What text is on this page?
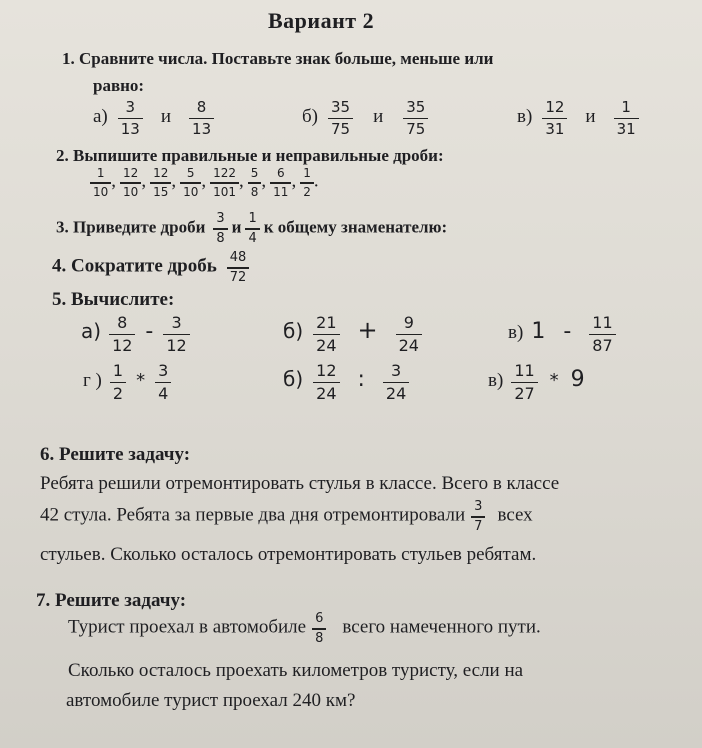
Вариант 2
1. Сравните числа. Поставьте знак больше, меньше или
равно:
$а) \frac{3}{13}$ и $\frac{8}{13}$	$б) \frac{35}{75}$ и $\frac{35}{75}$	$в) \frac{12}{31}$ и $\frac{1}{31}$
2. Выпишите правильные и неправильные дроби:
$\frac{1}{10}$ , $\frac{12}{10}$ , $\frac{12}{15}$ , $\frac{5}{10}$ , $\frac{122}{101}$ , $\frac{5}{8}$ , $\frac{6}{11}$ , $\frac{1}{2}$ .
3. Приведите дроби $\frac{3}{8}$ и $\frac{1}{4}$ к общему знаменателю:
4. Сократите дробь $\frac{48}{72}$
5. Вычислите:
$а) \frac{8}{12} - \frac{3}{12}$	$б) \frac{21}{24} + \frac{9}{24}$	в) $1 - \frac{11}{87}$
г ) $\frac{1}{2} * \frac{3}{4}$	$б) \frac{12}{24}$ : $\frac{3}{24}$	$в) \frac{11}{27} * 9$
6. Решите задачу:
Ребята решили отремонтировать стулья в классе. Всего в классе
42 стула. Ребята за первые два дня отремонтировали $\frac{3}{7}$ всех
стульев. Сколько осталось отремонтировать стульев ребятам.
7. Решите задачу:
Турист проехал в автомобиле $\frac{6}{8}$ всего намеченного пути.
Сколько осталось проехать километров туристу, если на
автомобиле турист проехал 240 км?
